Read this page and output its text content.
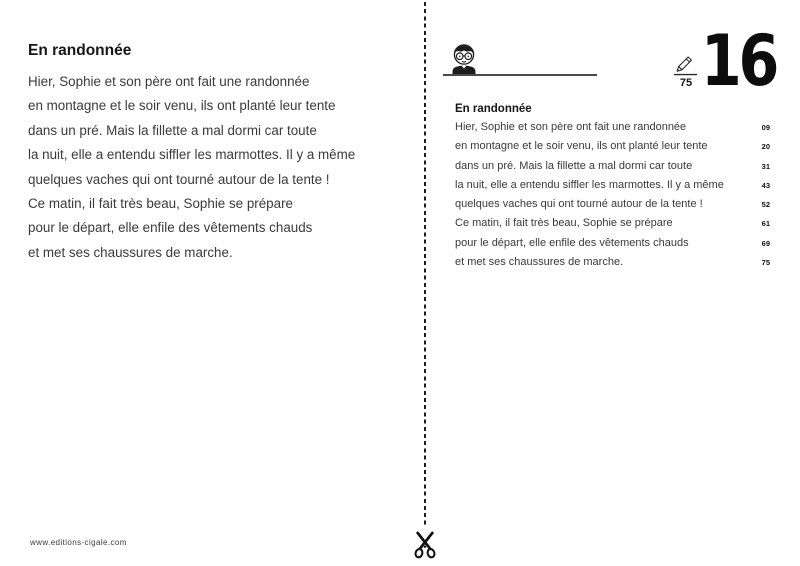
En randonnée
Hier, Sophie et son père ont fait une randonnée
en montagne et le soir venu, ils ont planté leur tente
dans un pré. Mais la fillette a mal dormi car toute
la nuit, elle a entendu siffler les marmottes. Il y a même
quelques vaches qui ont tourné autour de la tente !
Ce matin, il fait très beau, Sophie se prépare
pour le départ, elle enfile des vêtements chauds
et met ses chaussures de marche.
www.editions-cigale.com
75 16
En randonnée
Hier, Sophie et son père ont fait une randonnée	09
en montagne et le soir venu, ils ont planté leur tente	20
dans un pré. Mais la fillette a mal dormi car toute	31
la nuit, elle a entendu siffler les marmottes. Il y a même	43
quelques vaches qui ont tourné autour de la tente !	52
Ce matin, il fait très beau, Sophie se prépare	61
pour le départ, elle enfile des vêtements chauds	69
et met ses chaussures de marche.	75
